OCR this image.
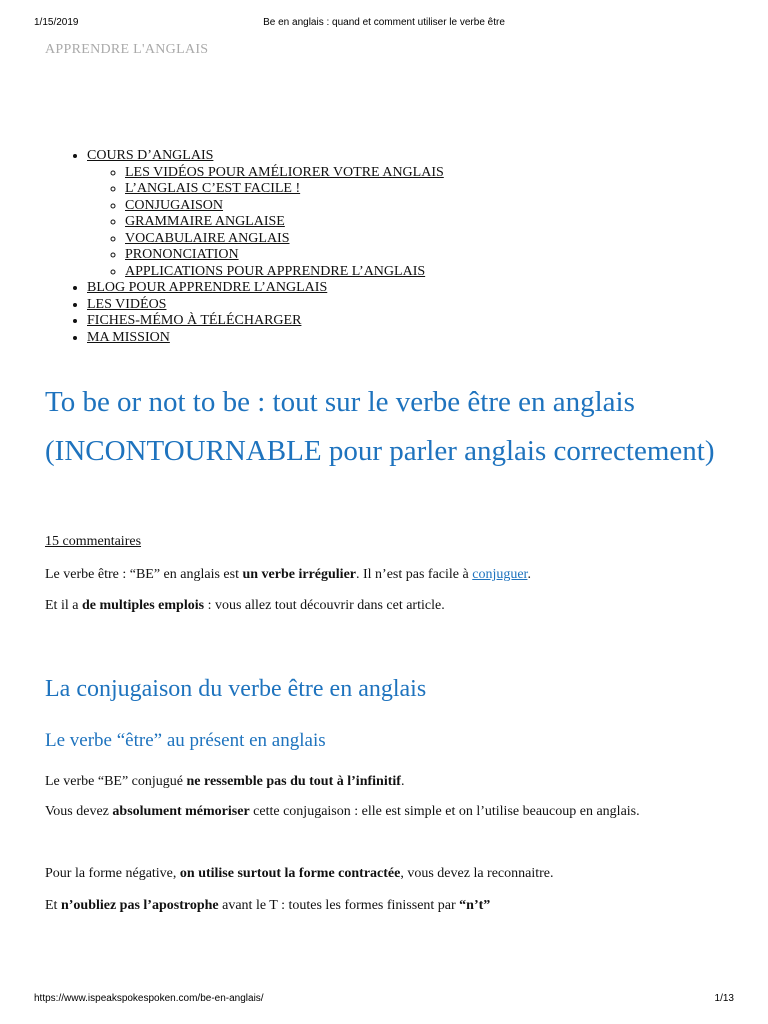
1/15/2019	Be en anglais : quand et comment utiliser le verbe être
APPRENDRE L'ANGLAIS
• COURS D’ANGLAIS
◦ LES VIDÉOS POUR AMÉLIORER VOTRE ANGLAIS
◦ L’ANGLAIS C’EST FACILE !
◦ CONJUGAISON
◦ GRAMMAIRE ANGLAISE
◦ VOCABULAIRE ANGLAIS
◦ PRONONCIATION
◦ APPLICATIONS POUR APPRENDRE L’ANGLAIS
• BLOG POUR APPRENDRE L’ANGLAIS
• LES VIDÉOS
• FICHES-MÉMO À TÉLÉCHARGER
• MA MISSION
To be or not to be : tout sur le verbe être en anglais (INCONTOURNABLE pour parler anglais correctement)
15 commentaires

Le verbe être : “BE” en anglais est un verbe irrégulier. Il n’est pas facile à conjuguer.

Et il a de multiples emplois : vous allez tout découvrir dans cet article.

La conjugaison du verbe être en anglais
Le verbe “être” au présent en anglais

Le verbe “BE” conjugué ne ressemble pas du tout à l’infinitif.

Vous devez absolument mémoriser cette conjugaison : elle est simple et on l’utilise beaucoup en anglais.

Pour la forme négative, on utilise surtout la forme contractée, vous devez la reconnaitre.

Et n’oubliez pas l’apostrophe avant le T : toutes les formes finissent par “n’t”

https://www.ispeakspokespoken.com/be-en-anglais/	1/13
